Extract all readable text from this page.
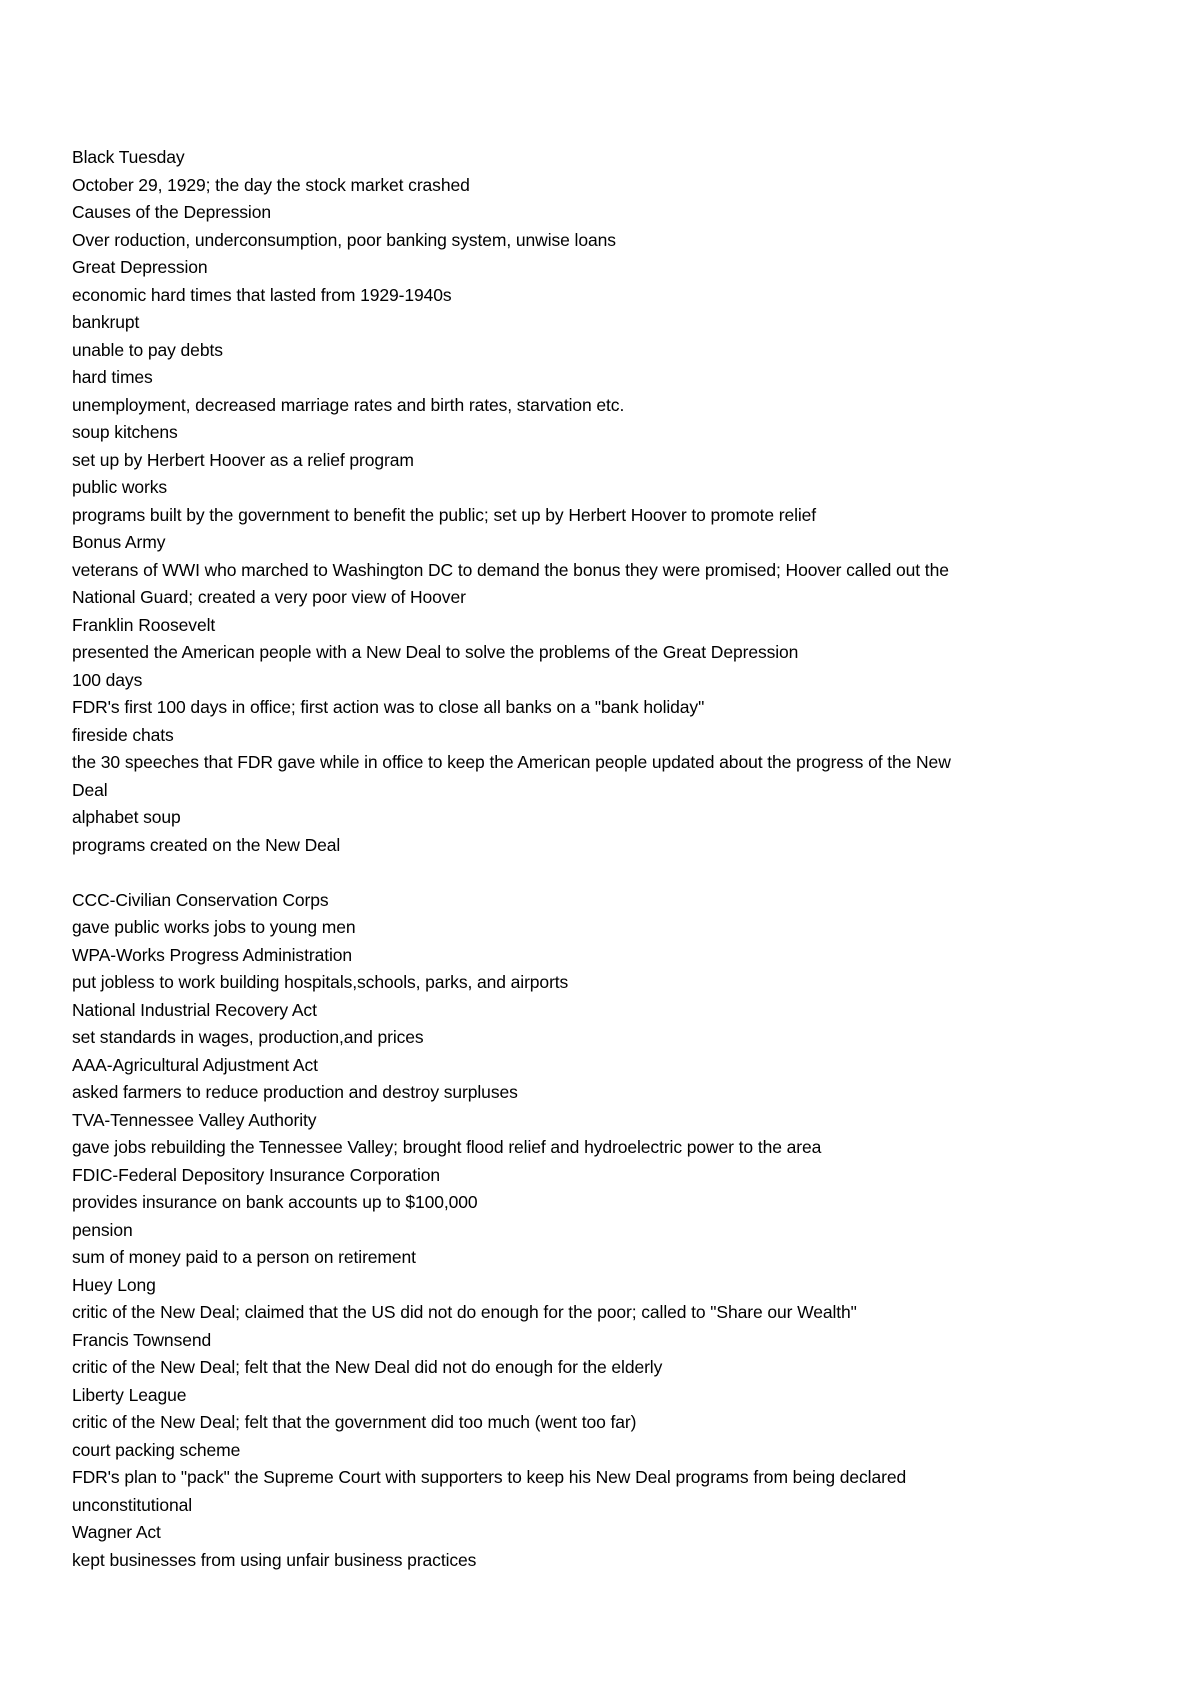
Black Tuesday
October 29, 1929; the day the stock market crashed
Causes of the Depression
Over roduction, underconsumption, poor banking system, unwise loans
Great Depression
economic hard times that lasted from 1929-1940s
bankrupt
unable to pay debts
hard times
unemployment, decreased marriage rates and birth rates, starvation etc.
soup kitchens
set up by Herbert Hoover as a relief program
public works
programs built by the government to benefit the public; set up by Herbert Hoover to promote relief
Bonus Army
veterans of WWI who marched to Washington DC to demand the bonus they were promised; Hoover called out the
National Guard; created a very poor view of Hoover
Franklin Roosevelt
presented the American people with a New Deal to solve the problems of the Great Depression
100 days
FDR's first 100 days in office; first action was to close all banks on a "bank holiday"
fireside chats
the 30 speeches that FDR gave while in office to keep the American people updated about the progress of the New
Deal
alphabet soup
programs created on the New Deal
CCC-Civilian Conservation Corps
gave public works jobs to young men
WPA-Works Progress Administration
put jobless to work building hospitals,schools, parks, and airports
National Industrial Recovery Act
set standards in wages, production,and prices
AAA-Agricultural Adjustment Act
asked farmers to reduce production and destroy surpluses
TVA-Tennessee Valley Authority
gave jobs rebuilding the Tennessee Valley; brought flood relief and hydroelectric power to the area
FDIC-Federal Depository Insurance Corporation
provides insurance on bank accounts up to $100,000
pension
sum of money paid to a person on retirement
Huey Long
critic of the New Deal; claimed that the US did not do enough for the poor; called to "Share our Wealth"
Francis Townsend
critic of the New Deal; felt that the New Deal did not do enough for the elderly
Liberty League
critic of the New Deal; felt that the government did too much (went too far)
court packing scheme
FDR's plan to "pack" the Supreme Court with supporters to keep his New Deal programs from being declared
unconstitutional
Wagner Act
kept businesses from using unfair business practices
